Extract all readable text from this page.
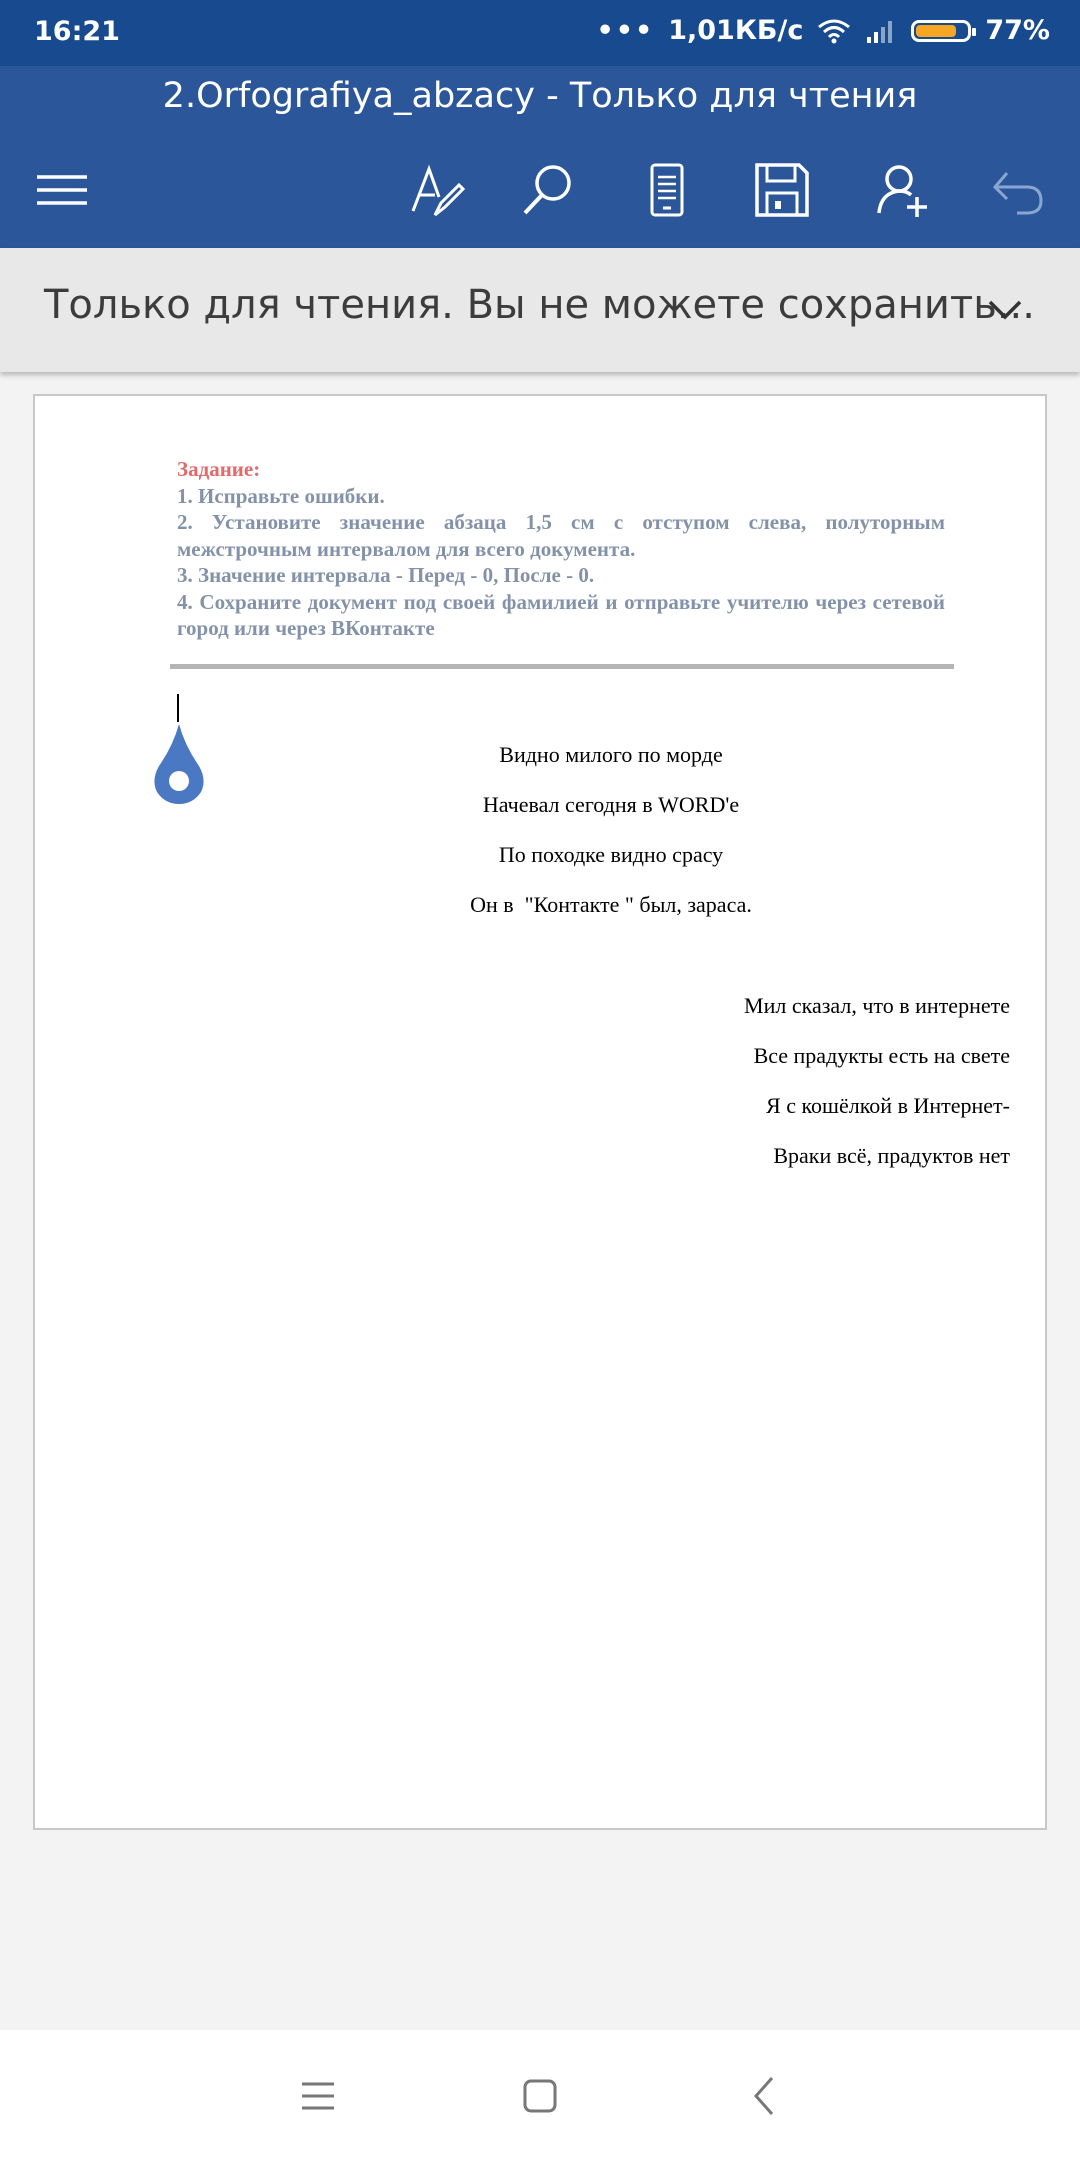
16:21	••• 1,01КБ/с	77%
2.Orfografiya_abzacy - Только для чтения
Только для чтения. Вы не можете сохранить...

Задание:

1. Исправьте ошибки.

2. Установите значение абзаца 1,5 см с отступом слева, полуторным межстрочным интервалом для всего документа.

3. Значение интервала - Перед - 0, После - 0.

4. Сохраните документ под своей фамилией и отправьте учителю через сетевой город или через ВКонтакте

Видно милого по морде
Начевал сегодня в WORD'е
По походке видно срасу
Он в  "Контакте " был, зараса.
Мил сказал, что в интернете
Все прадукты есть на свете
Я с кошёлкой в Интернет-
Враки всё, прадуктов нет
